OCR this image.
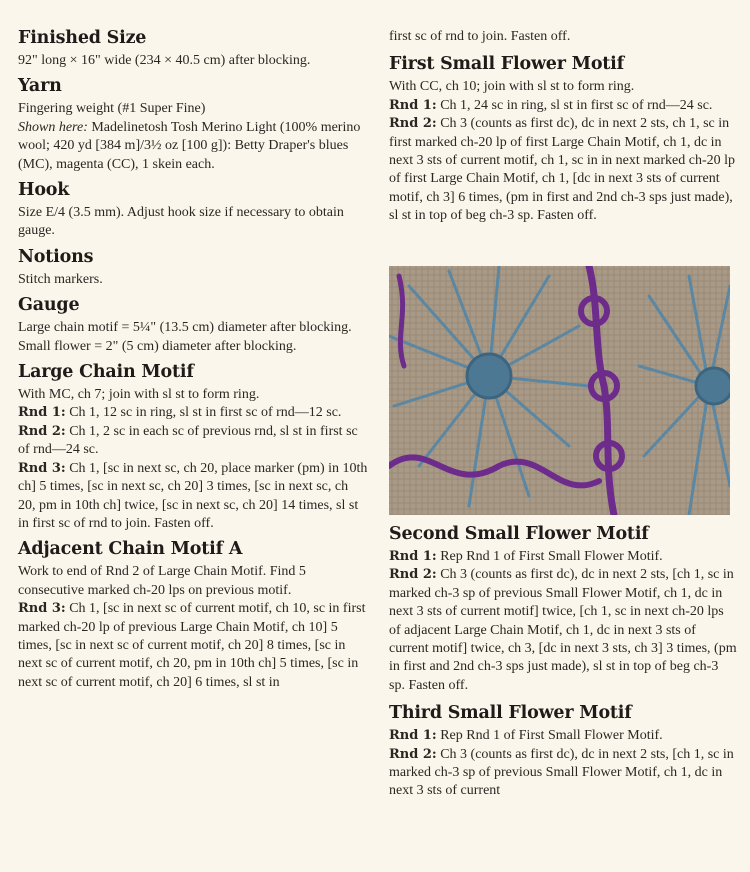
Finished Size

92" long × 16" wide (234 × 40.5 cm) after blocking.

Yarn

Fingering weight (#1 Super Fine)

Shown here: Madelinetosh Tosh Merino Light (100% merino wool; 420 yd [384 m]/3½ oz [100 g]): Betty Draper's blues (MC), magenta (CC), 1 skein each.

Hook

Size E/4 (3.5 mm). Adjust hook size if necessary to obtain gauge.

Notions

Stitch markers.

Gauge

Large chain motif = 5¼" (13.5 cm) diameter after blocking.

Small flower = 2" (5 cm) diameter after blocking.

Large Chain Motif

With MC, ch 7; join with sl st to form ring.

Rnd 1: Ch 1, 12 sc in ring, sl st in first sc of rnd—12 sc.

Rnd 2: Ch 1, 2 sc in each sc of previous rnd, sl st in first sc of rnd—24 sc.

Rnd 3: Ch 1, [sc in next sc, ch 20, place marker (pm) in 10th ch] 5 times, [sc in next sc, ch 20] 3 times, [sc in next sc, ch 20, pm in 10th ch] twice, [sc in next sc, ch 20] 14 times, sl st in first sc of rnd to join. Fasten off.

Adjacent Chain Motif A

Work to end of Rnd 2 of Large Chain Motif. Find 5 consecutive marked ch-20 lps on previous motif.

Rnd 3: Ch 1, [sc in next sc of current motif, ch 10, sc in first marked ch-20 lp of previous Large Chain Motif, ch 10] 5 times, [sc in next sc of current motif, ch 20] 8 times, [sc in next sc of current motif, ch 20, pm in 10th ch] 5 times, [sc in next sc of current motif, ch 20] 6 times, sl st in

first sc of rnd to join. Fasten off.

First Small Flower Motif

With CC, ch 10; join with sl st to form ring.

Rnd 1: Ch 1, 24 sc in ring, sl st in first sc of rnd—24 sc.

Rnd 2: Ch 3 (counts as first dc), dc in next 2 sts, ch 1, sc in first marked ch-20 lp of first Large Chain Motif, ch 1, dc in next 3 sts of current motif, ch 1, sc in in next marked ch-20 lp of first Large Chain Motif, ch 1, [dc in next 3 sts of current motif, ch 3] 6 times, (pm in first and 2nd ch-3 sps just made), sl st in top of beg ch-3 sp. Fasten off.

Second Small Flower Motif

Rnd 1: Rep Rnd 1 of First Small Flower Motif.

Rnd 2: Ch 3 (counts as first dc), dc in next 2 sts, [ch 1, sc in marked ch-3 sp of previous Small Flower Motif, ch 1, dc in next 3 sts of current motif] twice, [ch 1, sc in next ch-20 lps of adjacent Large Chain Motif, ch 1, dc in next 3 sts of current motif] twice, ch 3, [dc in next 3 sts, ch 3] 3 times, (pm in first and 2nd ch-3 sps just made), sl st in top of beg ch-3 sp. Fasten off.

Third Small Flower Motif

Rnd 1: Rep Rnd 1 of First Small Flower Motif.

Rnd 2: Ch 3 (counts as first dc), dc in next 2 sts, [ch 1, sc in marked ch-3 sp of previous Small Flower Motif, ch 1, dc in next 3 sts of current
